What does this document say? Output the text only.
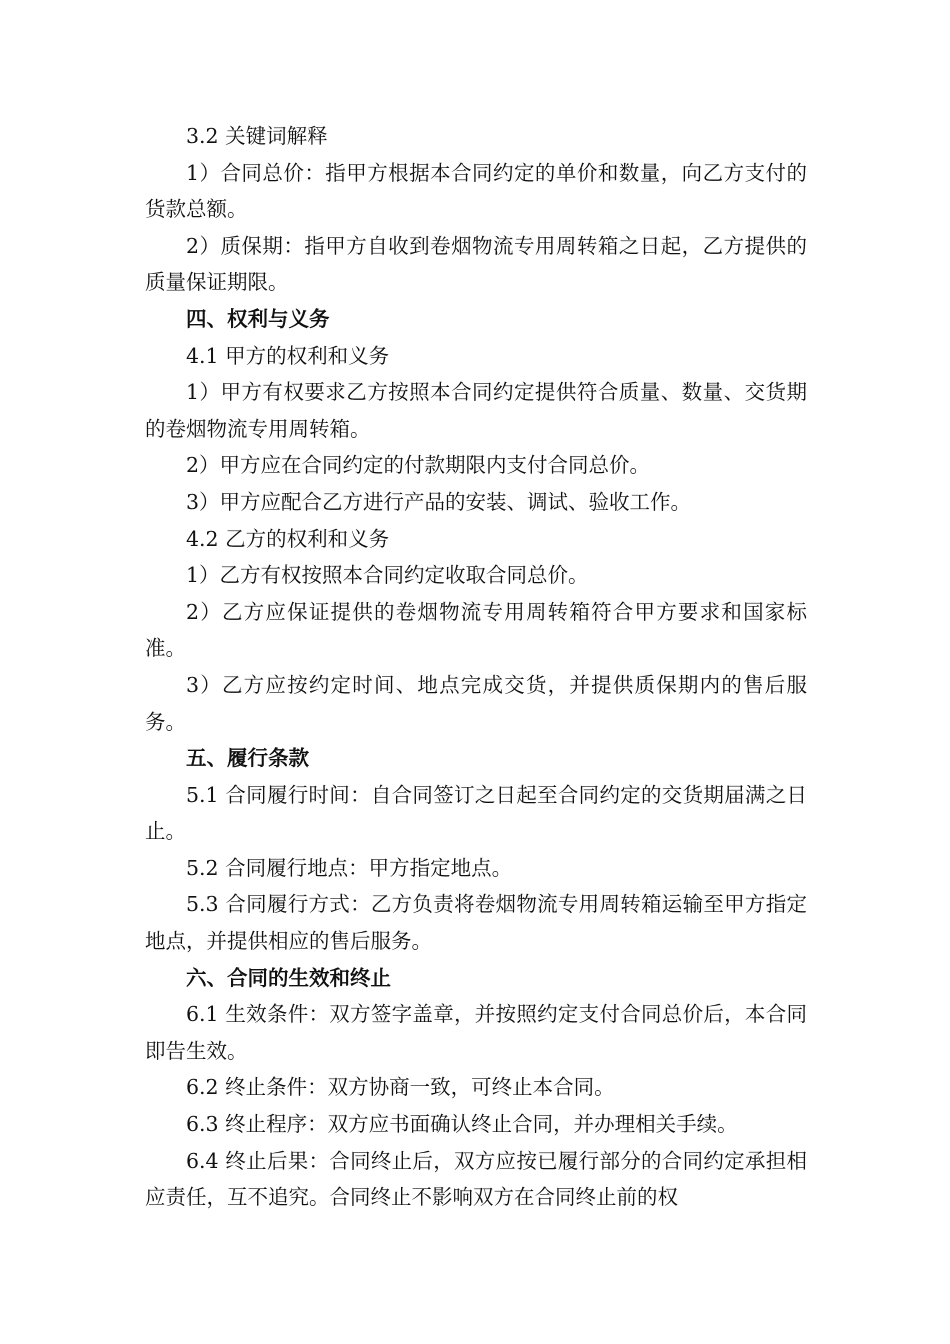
3.2 关键词解释

1）合同总价：指甲方根据本合同约定的单价和数量，向乙方支付的货款总额。

2）质保期：指甲方自收到卷烟物流专用周转箱之日起，乙方提供的质量保证期限。

四、权利与义务

4.1 甲方的权利和义务

1）甲方有权要求乙方按照本合同约定提供符合质量、数量、交货期的卷烟物流专用周转箱。

2）甲方应在合同约定的付款期限内支付合同总价。

3）甲方应配合乙方进行产品的安装、调试、验收工作。

4.2 乙方的权利和义务

1）乙方有权按照本合同约定收取合同总价。

2）乙方应保证提供的卷烟物流专用周转箱符合甲方要求和国家标准。

3）乙方应按约定时间、地点完成交货，并提供质保期内的售后服务。

五、履行条款

5.1 合同履行时间：自合同签订之日起至合同约定的交货期届满之日止。

5.2 合同履行地点：甲方指定地点。

5.3 合同履行方式：乙方负责将卷烟物流专用周转箱运输至甲方指定地点，并提供相应的售后服务。

六、合同的生效和终止

6.1 生效条件：双方签字盖章，并按照约定支付合同总价后，本合同即告生效。

6.2 终止条件：双方协商一致，可终止本合同。

6.3 终止程序：双方应书面确认终止合同，并办理相关手续。

6.4 终止后果：合同终止后，双方应按已履行部分的合同约定承担相应责任，互不追究。合同终止不影响双方在合同终止前的权
